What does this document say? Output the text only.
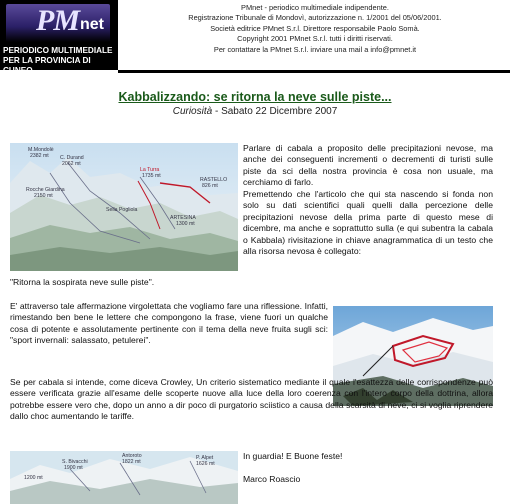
PM net
PERIODICO MULTIMEDIALE
PER LA PROVINCIA DI CUNEO
PMnet - periodico multimediale indipendente.
Registrazione Tribunale di Mondovì, autorizzazione n. 1/2001 del 05/06/2001.
Società editrice PMnet S.r.l. Direttore responsabile Paolo Somà.
Copyright 2001 PMnet S.r.l. tutti i diritti riservati.
Per contattare la PMnet S.r.l. inviare una mail a info@pmnet.it
Kabbalizzando: se ritorna la neve sulle piste...
Curiosità - Sabato 22 Dicembre 2007
M.Mondolè
2382 mt C. Durand
2062 mt
Rocche Giardina
2150 mt
La Turra
1735 mt
RASTELLO
826 mt
Sella Pogliola
ARTESINA
1300 mt

Parlare di cabala a proposito delle precipitazioni nevose, ma anche dei conseguenti incrementi o decrementi di turisti sulle piste da sci della nostra provincia è cosa non usuale, ma cerchiamo di farlo.

Premettendo che l'articolo che qui sta nascendo si fonda non solo su dati scientifici quali quelli dalla percezione delle precipitazioni nevose della prima parte di questo mese di dicembre, ma anche e soprattutto sulla (e qui subentra la cabala o Kabbala) rivisitazione in chiave anagrammatica di un testo che alla risorsa nevosa è collegato:

"Ritorna la sospirata neve sulle piste".

E' attraverso tale affermazione virgolettata che vogliamo fare una riflessione. Infatti, rimestando ben bene le lettere che compongono la frase, viene fuori un qualche cosa di potente e assolutamente pertinente con il tema della neve fruita sugli sci: "sport invernali: salassato, petulerei".

Se per cabala si intende, come diceva Crowley, Un criterio sistematico mediante il quale l'esattezza delle corrispondenze può essere verificata grazie all'esame delle scoperte nuove alla luce della loro coerenza con l'intero corpo della dottrina, allora potrebbe essere vero che, dopo un anno a dir poco di purgatorio sciistico a causa della scarsità di neve, ci si voglia riprendere dallo choc aumentando le tariffe.

S. Bivacchi
1900 mt
Antoroto
1822 mt
P. Alpet
1626 mt
1200 mt

In guardia! E Buone feste!

Marco Roascio
